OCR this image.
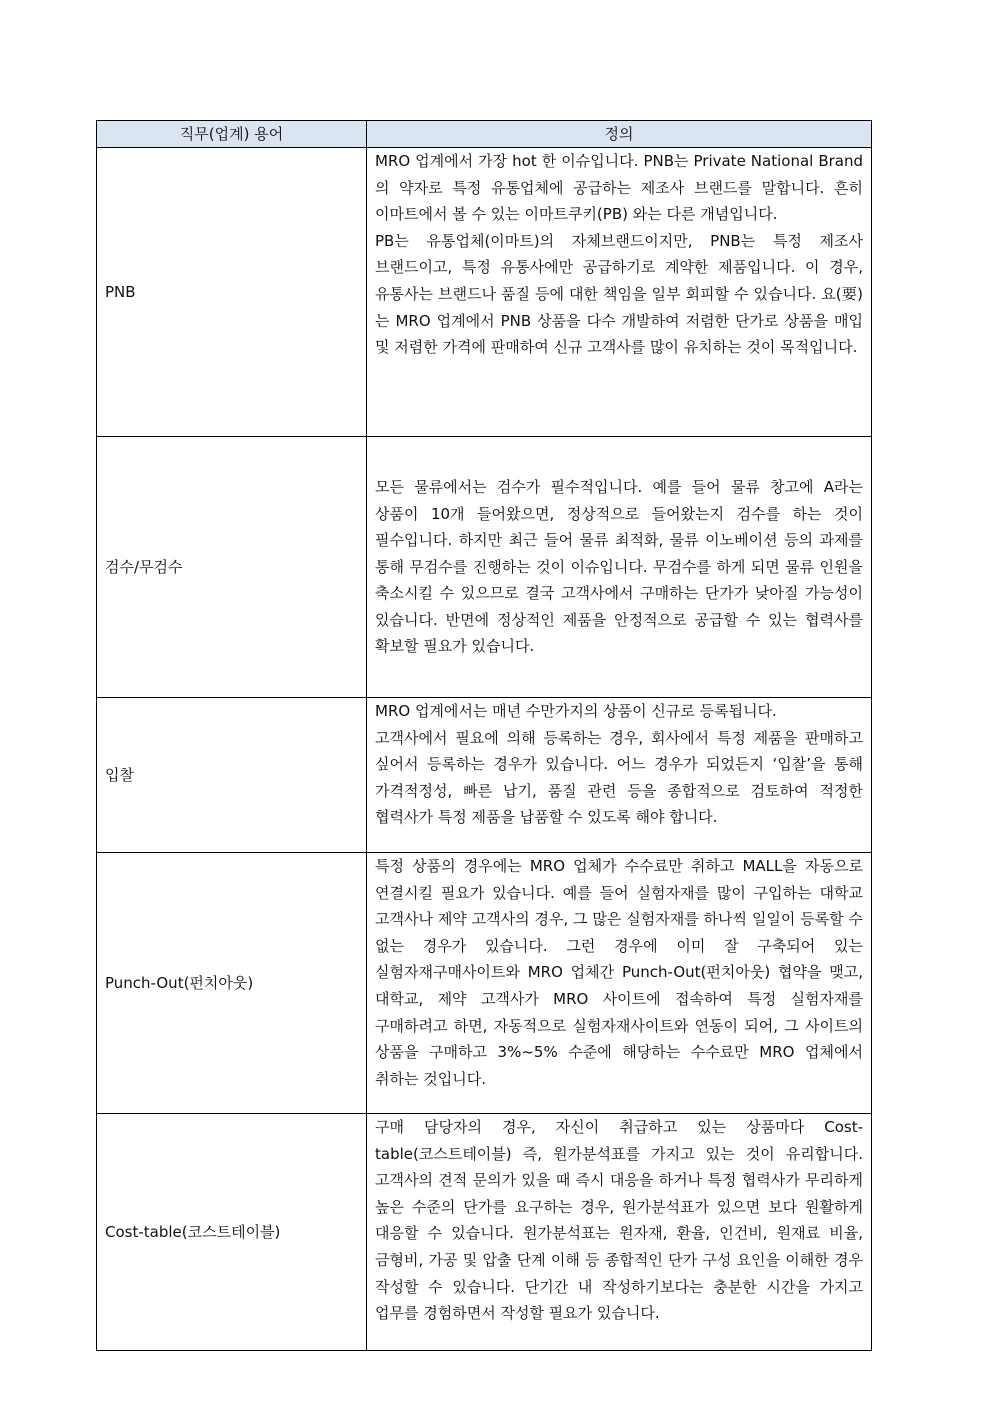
직무(업계) 용어	정의
PNB	MRO 업계에서 가장 hot 한 이슈입니다. PNB는 Private National Brand 의 약자로 특정 유통업체에 공급하는 제조사 브랜드를 말합니다. 흔히 이마트에서 볼 수 있는 이마트쿠키(PB) 와는 다른 개념입니다.

PB는 유통업체(이마트)의 자체브랜드이지만, PNB는 특정 제조사 브랜드이고, 특정 유통사에만 공급하기로 계약한 제품입니다. 이 경우, 유통사는 브랜드나 품질 등에 대한 책임을 일부 회피할 수 있습니다. 요(要)는 MRO 업계에서 PNB 상품을 다수 개발하여 저렴한 단가로 상품을 매입 및 저렴한 가격에 판매하여 신규 고객사를 많이 유치하는 것이 목적입니다.

검수/무검수	모든 물류에서는 검수가 필수적입니다. 예를 들어 물류 창고에 A라는 상품이 10개 들어왔으면, 정상적으로 들어왔는지 검수를 하는 것이 필수입니다. 하지만 최근 들어 물류 최적화, 물류 이노베이션 등의 과제를 통해 무검수를 진행하는 것이 이슈입니다. 무검수를 하게 되면 물류 인원을 축소시킬 수 있으므로 결국 고객사에서 구매하는 단가가 낮아질 가능성이 있습니다. 반면에 정상적인 제품을 안정적으로 공급할 수 있는 협력사를 확보할 필요가 있습니다.

입찰	MRO 업계에서는 매년 수만가지의 상품이 신규로 등록됩니다.

고객사에서 필요에 의해 등록하는 경우, 회사에서 특정 제품을 판매하고 싶어서 등록하는 경우가 있습니다. 어느 경우가 되었든지 ‘입찰’을 통해 가격적정성, 빠른 납기, 품질 관련 등을 종합적으로 검토하여 적정한 협력사가 특정 제품을 납품할 수 있도록 해야 합니다.

Punch-Out(펀치아웃)	특정 상품의 경우에는 MRO 업체가 수수료만 취하고 MALL을 자동으로 연결시킬 필요가 있습니다. 예를 들어 실험자재를 많이 구입하는 대학교 고객사나 제약 고객사의 경우, 그 많은 실험자재를 하나씩 일일이 등록할 수 없는 경우가 있습니다. 그런 경우에 이미 잘 구축되어 있는 실험자재구매사이트와 MRO 업체간 Punch-Out(펀치아웃) 협약을 맺고, 대학교, 제약 고객사가 MRO 사이트에 접속하여 특정 실험자재를 구매하려고 하면, 자동적으로 실험자재사이트와 연동이 되어, 그 사이트의 상품을 구매하고 3%~5% 수준에 해당하는 수수료만 MRO 업체에서 취하는 것입니다.

Cost-table(코스트테이블)	구매 담당자의 경우, 자신이 취급하고 있는 상품마다 Cost-table(코스트테이블) 즉, 원가분석표를 가지고 있는 것이 유리합니다. 고객사의 견적 문의가 있을 때 즉시 대응을 하거나 특정 협력사가 무리하게 높은 수준의 단가를 요구하는 경우, 원가분석표가 있으면 보다 원활하게 대응할 수 있습니다. 원가분석표는 원자재, 환율, 인건비, 원재료 비율, 금형비, 가공 및 압출 단계 이해 등 종합적인 단가 구성 요인을 이해한 경우 작성할 수 있습니다. 단기간 내 작성하기보다는 충분한 시간을 가지고 업무를 경험하면서 작성할 필요가 있습니다.
